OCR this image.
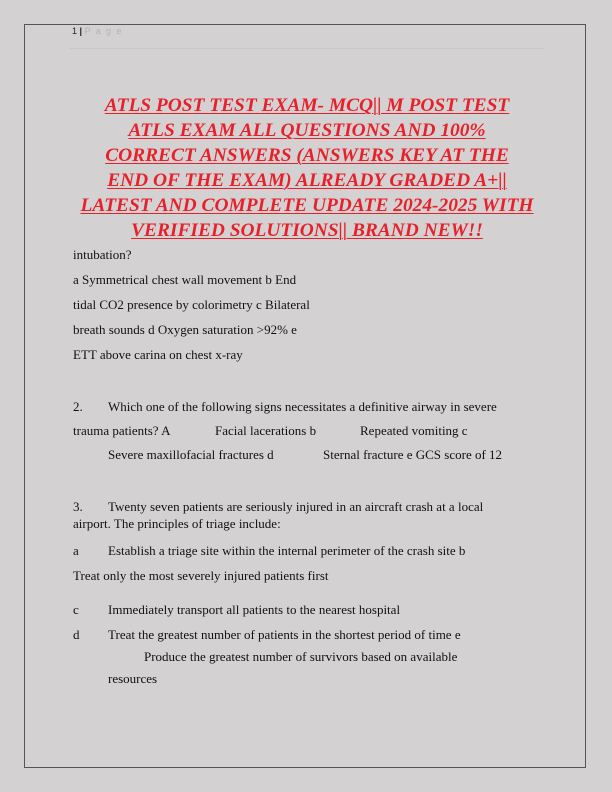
1 | P a g e
ATLS POST TEST EXAM- MCQ|| M POST TEST
ATLS EXAM ALL QUESTIONS AND 100%
CORRECT ANSWERS (ANSWERS KEY AT THE
END OF THE EXAM) ALREADY GRADED A+||
LATEST AND COMPLETE UPDATE 2024-2025 WITH
VERIFIED SOLUTIONS|| BRAND NEW!!
intubation?
a Symmetrical chest wall movement b End
tidal CO2 presence by colorimetry c Bilateral
breath sounds d Oxygen saturation >92% e
ETT above carina on chest x-ray
2. Which one of the following signs necessitates a definitive airway in severe
trauma patients? A	Facial lacerations b	Repeated vomiting c
Severe maxillofacial fractures d	Sternal fracture e GCS score of 12
3. Twenty seven patients are seriously injured in an aircraft crash at a local
airport. The principles of triage include:
a Establish a triage site within the internal perimeter of the crash site b
Treat only the most severely injured patients first
c Immediately transport all patients to the nearest hospital
d Treat the greatest number of patients in the shortest period of time e
Produce the greatest number of survivors based on available
resources
